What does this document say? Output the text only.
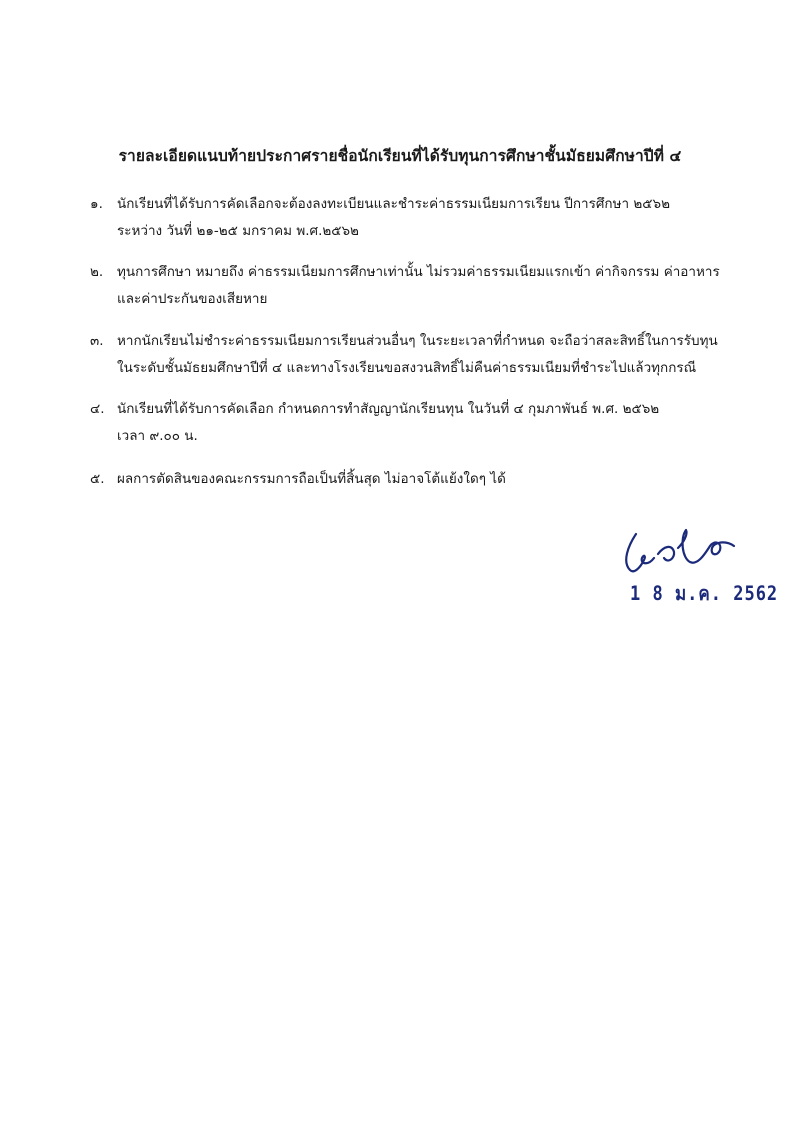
รายละเอียดแนบท้ายประกาศรายชื่อนักเรียนที่ได้รับทุนการศึกษาชั้นมัธยมศึกษาปีที่ ๔
๑.	นักเรียนที่ได้รับการคัดเลือกจะต้องลงทะเบียนและชำระค่าธรรมเนียมการเรียน ปีการศึกษา ๒๕๖๒
ระหว่าง วันที่ ๒๑-๒๕ มกราคม พ.ศ.๒๕๖๒
๒.	ทุนการศึกษา หมายถึง ค่าธรรมเนียมการศึกษาเท่านั้น ไม่รวมค่าธรรมเนียมแรกเข้า ค่ากิจกรรม ค่าอาหาร
และค่าประกันของเสียหาย
๓. หากนักเรียนไม่ชำระค่าธรรมเนียมการเรียนส่วนอื่นๆ ในระยะเวลาที่กำหนด จะถือว่าสละสิทธิ์ในการรับทุน
ในระดับชั้นมัธยมศึกษาปีที่ ๔ และทางโรงเรียนขอสงวนสิทธิ์ไม่คืนค่าธรรมเนียมที่ชำระไปแล้วทุกกรณี
๔. นักเรียนที่ได้รับการคัดเลือก กำหนดการทำสัญญานักเรียนทุน ในวันที่ ๔ กุมภาพันธ์ พ.ศ. ๒๕๖๒
เวลา ๙.๐๐ น.
๕. ผลการตัดสินของคณะกรรมการถือเป็นที่สิ้นสุด ไม่อาจโต้แย้งใดๆ ได้
1 8 ม.ค. 2562
